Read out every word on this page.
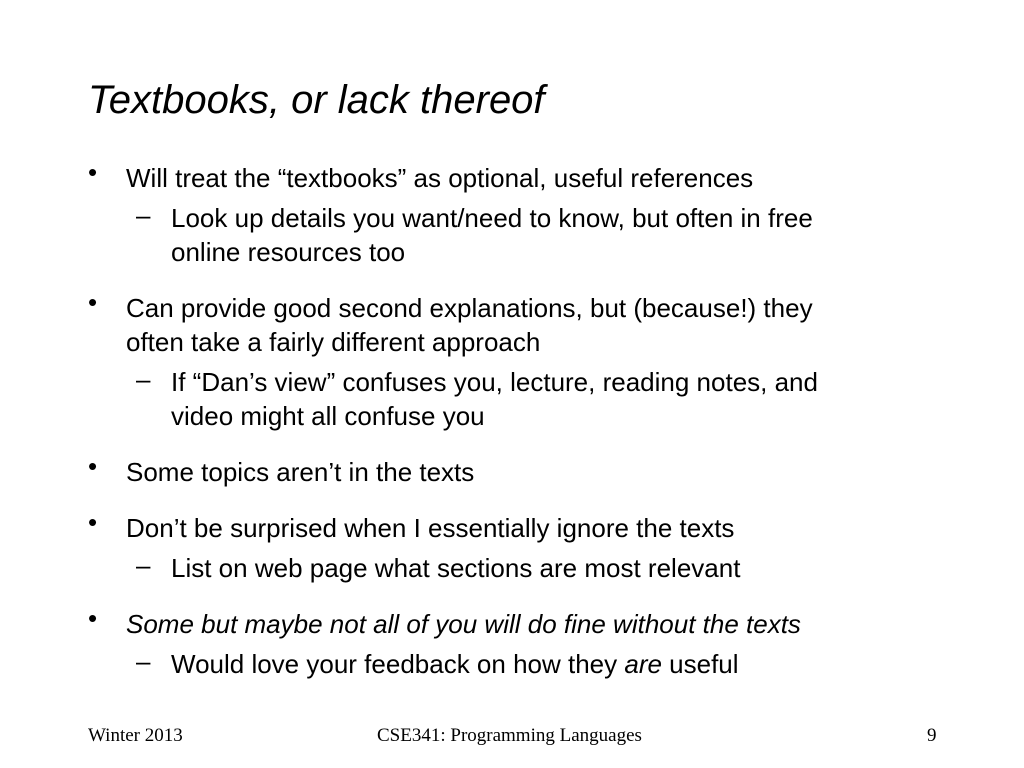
Textbooks, or lack thereof
• Will treat the “textbooks” as optional, useful references
– Look up details you want/need to know, but often in free
online resources too
• Can provide good second explanations, but (because!) they
often take a fairly different approach
– If “Dan’s view” confuses you, lecture, reading notes, and
video might all confuse you
• Some topics aren’t in the texts
• Don’t be surprised when I essentially ignore the texts
– List on web page what sections are most relevant
• Some but maybe not all of you will do fine without the texts
– Would love your feedback on how they are useful
Winter 2013	CSE341: Programming Languages	9
